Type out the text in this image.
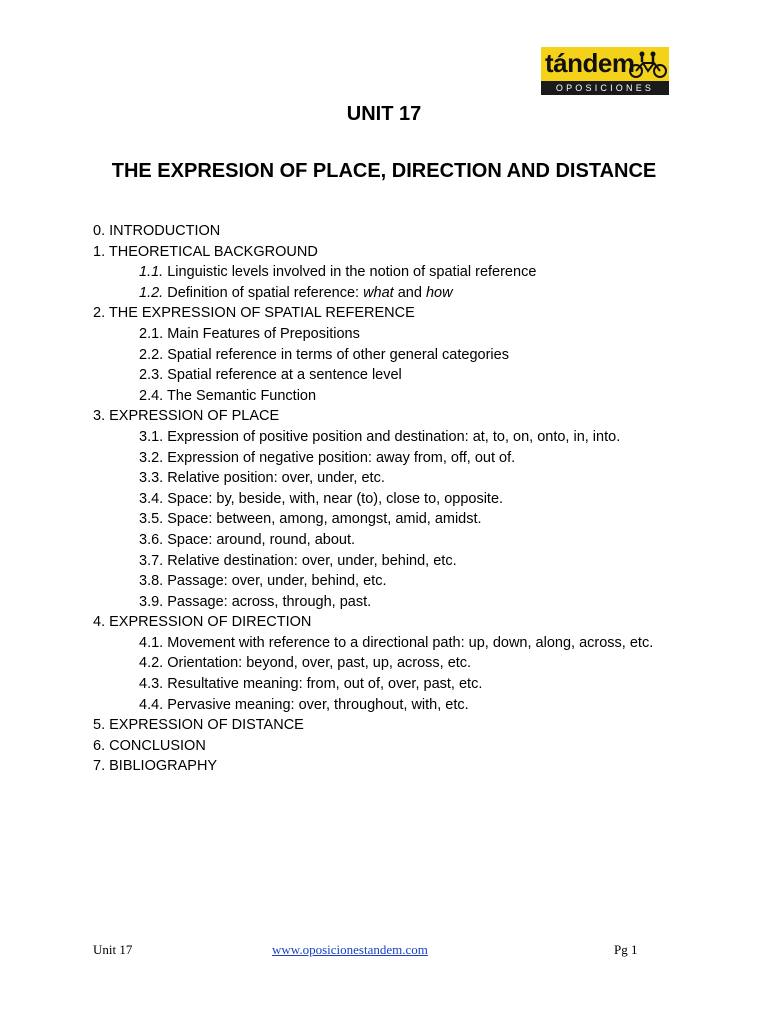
tándem
OPOSICIONES
UNIT 17
THE EXPRESION OF PLACE, DIRECTION AND DISTANCE
0. INTRODUCTION
1. THEORETICAL BACKGROUND
1.1. Linguistic levels involved in the notion of spatial reference
1.2. Definition of spatial reference: what and how
2. THE EXPRESSION OF SPATIAL REFERENCE
2.1. Main Features of Prepositions
2.2. Spatial reference in terms of other general categories
2.3. Spatial reference at a sentence level
2.4. The Semantic Function
3. EXPRESSION OF PLACE
3.1. Expression of positive position and destination: at, to, on, onto, in, into.
3.2. Expression of negative position: away from, off, out of.
3.3. Relative position: over, under, etc.
3.4. Space: by, beside, with, near (to), close to, opposite.
3.5. Space: between, among, amongst, amid, amidst.
3.6. Space: around, round, about.
3.7. Relative destination: over, under, behind, etc.
3.8. Passage: over, under, behind, etc.
3.9. Passage: across, through, past.
4. EXPRESSION OF DIRECTION
4.1. Movement with reference to a directional path: up, down, along, across, etc.
4.2. Orientation: beyond, over, past, up, across, etc.
4.3. Resultative meaning: from, out of, over, past, etc.
4.4. Pervasive meaning: over, throughout, with, etc.
5. EXPRESSION OF DISTANCE
6. CONCLUSION
7. BIBLIOGRAPHY
Unit 17	www.oposicionestandem.com	Pg 1
